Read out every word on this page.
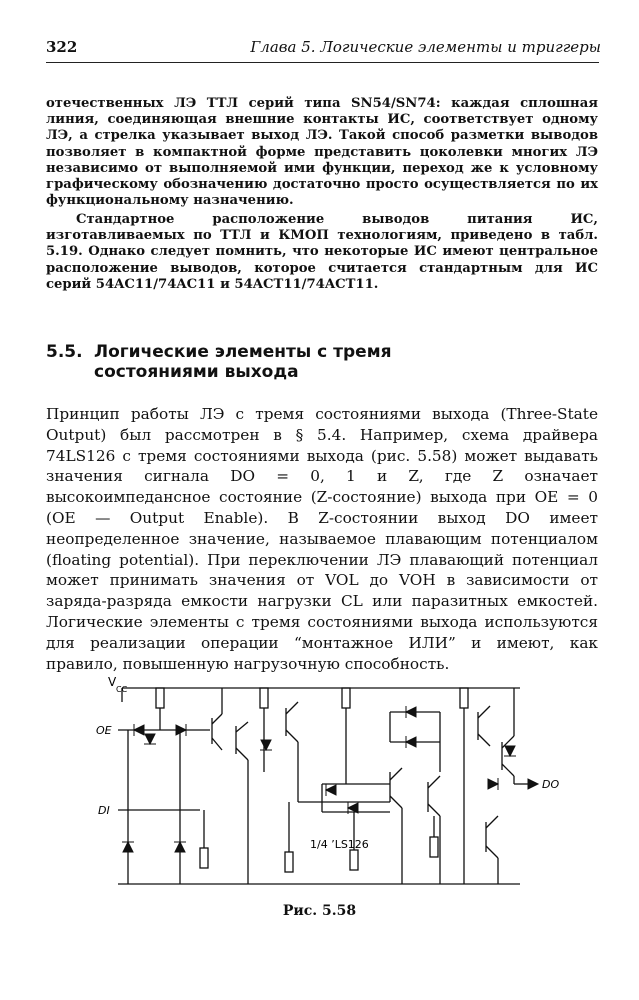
322	Глава 5. Логические элементы и триггеры
отечественных ЛЭ ТТЛ серий типа SN54/SN74: каждая сплошная линия, соединяющая внешние контакты ИС, соответствует одному ЛЭ, а стрелка указывает выход ЛЭ. Такой способ разметки выводов позволяет в компактной форме представить цоколевки многих ЛЭ независимо от выполняемой ими функции, переход же к условному графическому обозначению достаточно просто осуществляется по их функциональному назначению.
Стандартное расположение выводов питания ИС, изготавливаемых по ТТЛ и КМОП технологиям, приведено в табл. 5.19. Однако следует помнить, что некоторые ИС имеют центральное расположение выводов, которое считается стандартным для ИС серий 54AC11/74AC11 и 54ACT11/74ACT11.
5.5. Логические элементы с тремя
состояниями выхода
Принцип работы ЛЭ с тремя состояниями выхода (Three-State Output) был рассмотрен в § 5.4. Например, схема драйвера 74LS126 с тремя состояниями выхода (рис. 5.58) может выдавать значения сигнала DO = 0, 1 и Z, где Z означает высокоимпедансное состояние (Z-состояние) выхода при OE = 0 (OE — Output Enable). В Z-состоянии выход DO имеет неопределенное значение, называемое плавающим потенциалом (floating potential). При переключении ЛЭ плавающий потенциал может принимать значения от VOL до VOH в зависимости от заряда-разряда емкости нагрузки CL или паразитных емкостей. Логические элементы с тремя состояниями выхода используются для реализации операции “монтажное ИЛИ” и имеют, как правило, повышенную нагрузочную способность.
V
CC
OE
DI
DO
1/4 ’LS126
Рис. 5.58
